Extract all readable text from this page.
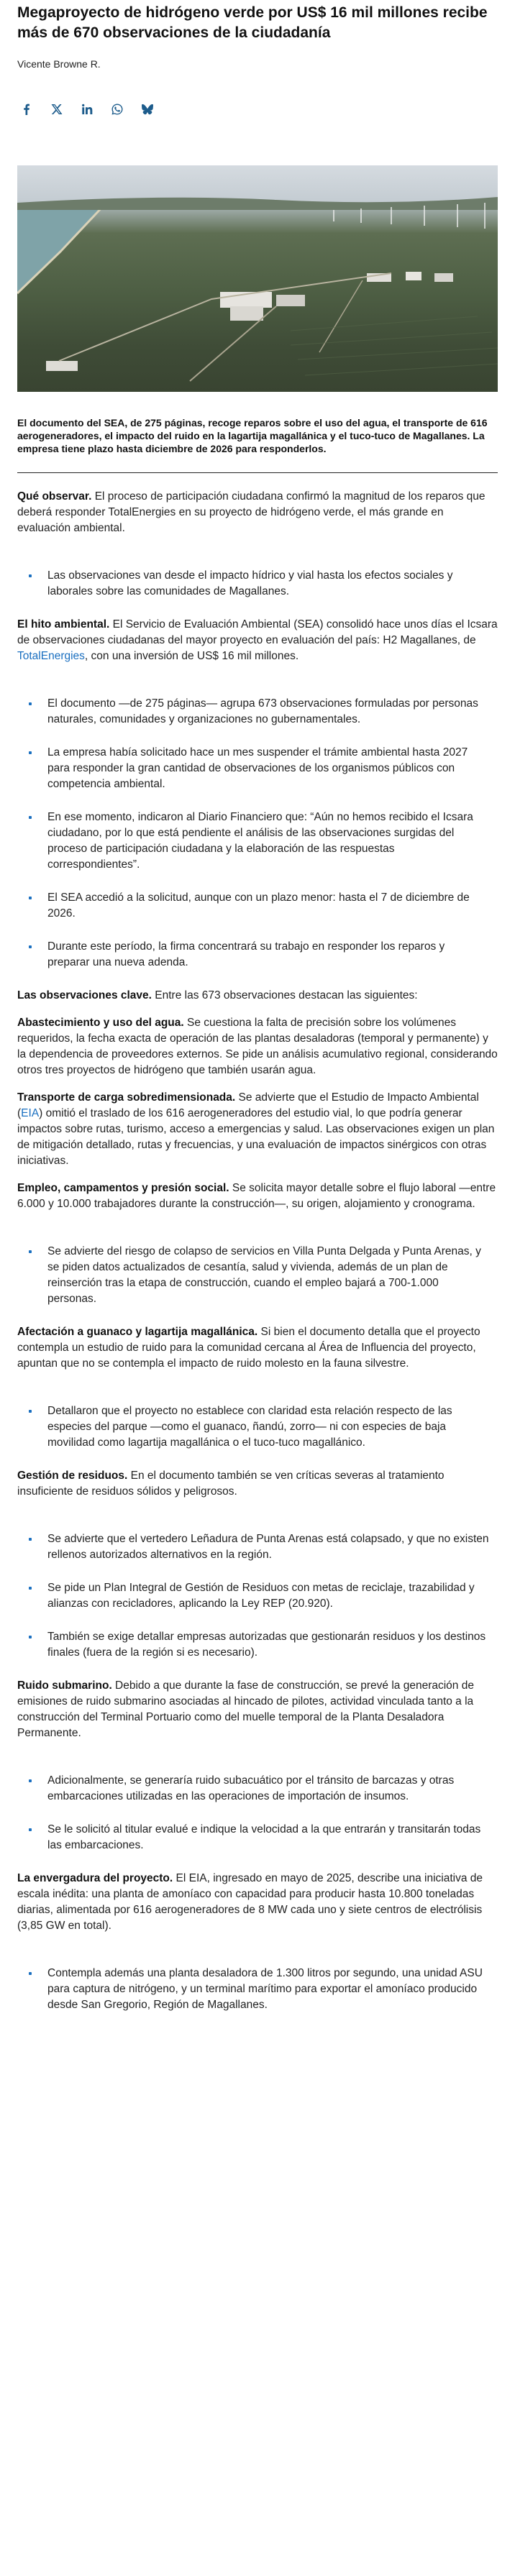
Megaproyecto de hidrógeno verde por US$ 16 mil millones recibe más de 670 observaciones de la ciudadanía
Vicente Browne R.
El documento del SEA, de 275 páginas, recoge reparos sobre el uso del agua, el transporte de 616 aerogeneradores, el impacto del ruido en la lagartija magallánica y el tuco-tuco de Magallanes. La empresa tiene plazo hasta diciembre de 2026 para responderlos.

Qué observar. El proceso de participación ciudadana confirmó la magnitud de los reparos que deberá responder TotalEnergies en su proyecto de hidrógeno verde, el más grande en evaluación ambiental.

Las observaciones van desde el impacto hídrico y vial hasta los efectos sociales y laborales sobre las comunidades de Magallanes.

El hito ambiental. El Servicio de Evaluación Ambiental (SEA) consolidó hace unos días el Icsara de observaciones ciudadanas del mayor proyecto en evaluación del país: H2 Magallanes, de TotalEnergies, con una inversión de US$ 16 mil millones.

El documento —de 275 páginas— agrupa 673 observaciones formuladas por personas naturales, comunidades y organizaciones no gubernamentales.
La empresa había solicitado hace un mes suspender el trámite ambiental hasta 2027 para responder la gran cantidad de observaciones de los organismos públicos con competencia ambiental.
En ese momento, indicaron al Diario Financiero que: “Aún no hemos recibido el Icsara ciudadano, por lo que está pendiente el análisis de las observaciones surgidas del proceso de participación ciudadana y la elaboración de las respuestas correspondientes”.
El SEA accedió a la solicitud, aunque con un plazo menor: hasta el 7 de diciembre de 2026.
Durante este período, la firma concentrará su trabajo en responder los reparos y preparar una nueva adenda.

Las observaciones clave. Entre las 673 observaciones destacan las siguientes:

Abastecimiento y uso del agua. Se cuestiona la falta de precisión sobre los volúmenes requeridos, la fecha exacta de operación de las plantas desaladoras (temporal y permanente) y la dependencia de proveedores externos. Se pide un análisis acumulativo regional, considerando otros tres proyectos de hidrógeno que también usarán agua.

Transporte de carga sobredimensionada. Se advierte que el Estudio de Impacto Ambiental (EIA) omitió el traslado de los 616 aerogeneradores del estudio vial, lo que podría generar impactos sobre rutas, turismo, acceso a emergencias y salud. Las observaciones exigen un plan de mitigación detallado, rutas y frecuencias, y una evaluación de impactos sinérgicos con otras iniciativas.

Empleo, campamentos y presión social. Se solicita mayor detalle sobre el flujo laboral —entre 6.000 y 10.000 trabajadores durante la construcción—, su origen, alojamiento y cronograma.

Se advierte del riesgo de colapso de servicios en Villa Punta Delgada y Punta Arenas, y se piden datos actualizados de cesantía, salud y vivienda, además de un plan de reinserción tras la etapa de construcción, cuando el empleo bajará a 700-1.000 personas.

Afectación a guanaco y lagartija magallánica. Si bien el documento detalla que el proyecto contempla un estudio de ruido para la comunidad cercana al Área de Influencia del proyecto, apuntan que no se contempla el impacto de ruido molesto en la fauna silvestre.

Detallaron que el proyecto no establece con claridad esta relación respecto de las especies del parque —como el guanaco, ñandú, zorro— ni con especies de baja movilidad como lagartija magallánica o el tuco-tuco magallánico.

Gestión de residuos. En el documento también se ven críticas severas al tratamiento insuficiente de residuos sólidos y peligrosos.

Se advierte que el vertedero Leñadura de Punta Arenas está colapsado, y que no existen rellenos autorizados alternativos en la región.
Se pide un Plan Integral de Gestión de Residuos con metas de reciclaje, trazabilidad y alianzas con recicladores, aplicando la Ley REP (20.920).
También se exige detallar empresas autorizadas que gestionarán residuos y los destinos finales (fuera de la región si es necesario).

Ruido submarino. Debido a que durante la fase de construcción, se prevé la generación de emisiones de ruido submarino asociadas al hincado de pilotes, actividad vinculada tanto a la construcción del Terminal Portuario como del muelle temporal de la Planta Desaladora Permanente.

Adicionalmente, se generaría ruido subacuático por el tránsito de barcazas y otras embarcaciones utilizadas en las operaciones de importación de insumos.
Se le solicitó al titular evalué e indique la velocidad a la que entrarán y transitarán todas las embarcaciones.

La envergadura del proyecto. El EIA, ingresado en mayo de 2025, describe una iniciativa de escala inédita: una planta de amoníaco con capacidad para producir hasta 10.800 toneladas diarias, alimentada por 616 aerogeneradores de 8 MW cada uno y siete centros de electrólisis (3,85 GW en total).

Contempla además una planta desaladora de 1.300 litros por segundo, una unidad ASU para captura de nitrógeno, y un terminal marítimo para exportar el amoníaco producido desde San Gregorio, Región de Magallanes.
